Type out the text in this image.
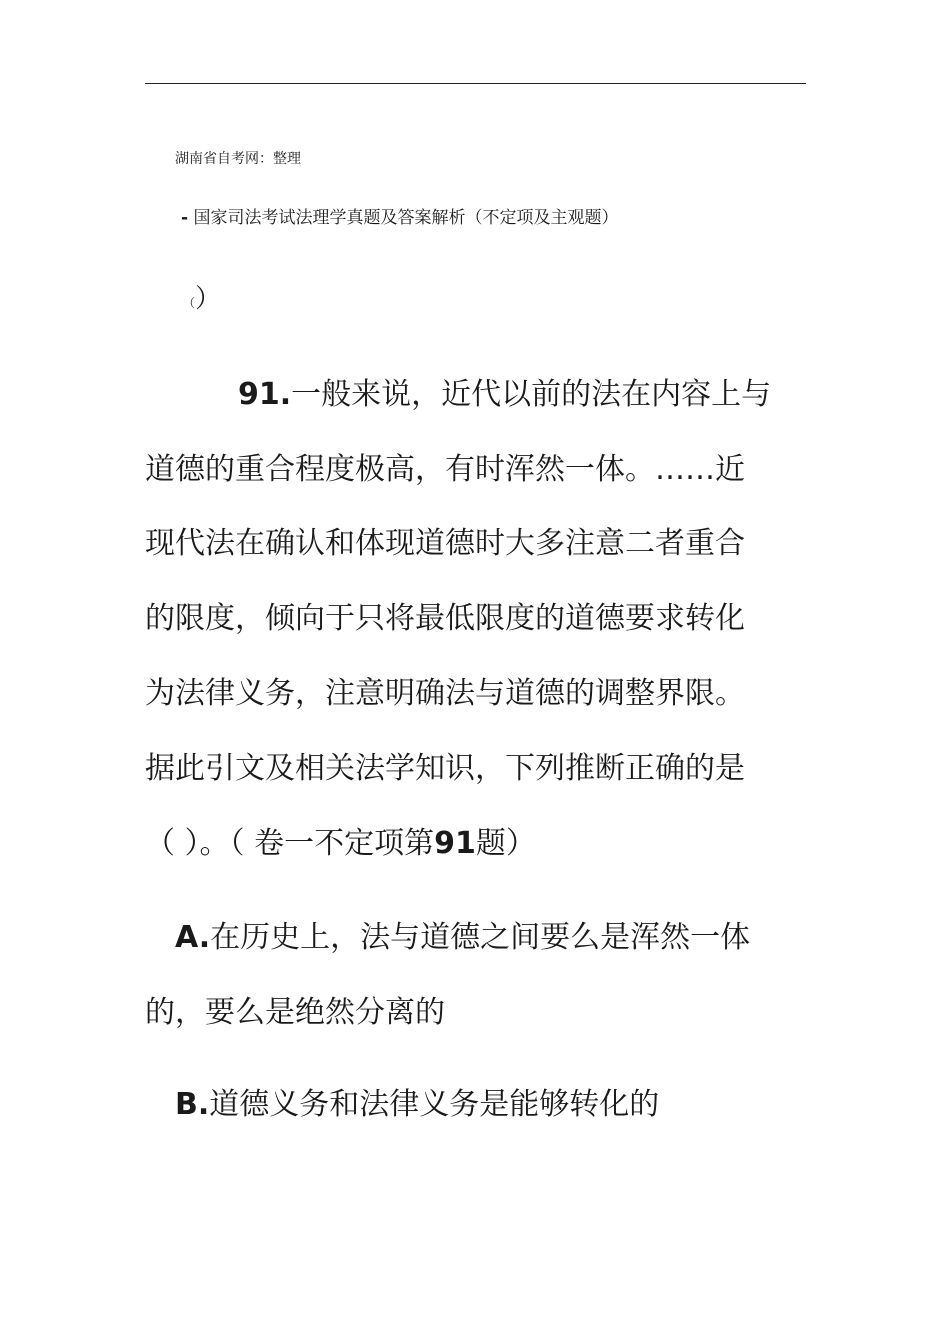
湖南省自考网：整理
- 国家司法考试法理学真题及答案解析（不定项及主观题）
（）
91.一般来说，近代以前的法在内容上与
道德的重合程度极高，有时浑然一体。……近
现代法在确认和体现道德时大多注意二者重合
的限度，倾向于只将最低限度的道德要求转化
为法律义务，注意明确法与道德的调整界限。
据此引文及相关法学知识，下列推断正确的是
（ ）。（ 卷一不定项第91题）
A.在历史上，法与道德之间要么是浑然一体
的，要么是绝然分离的
B.道德义务和法律义务是能够转化的
